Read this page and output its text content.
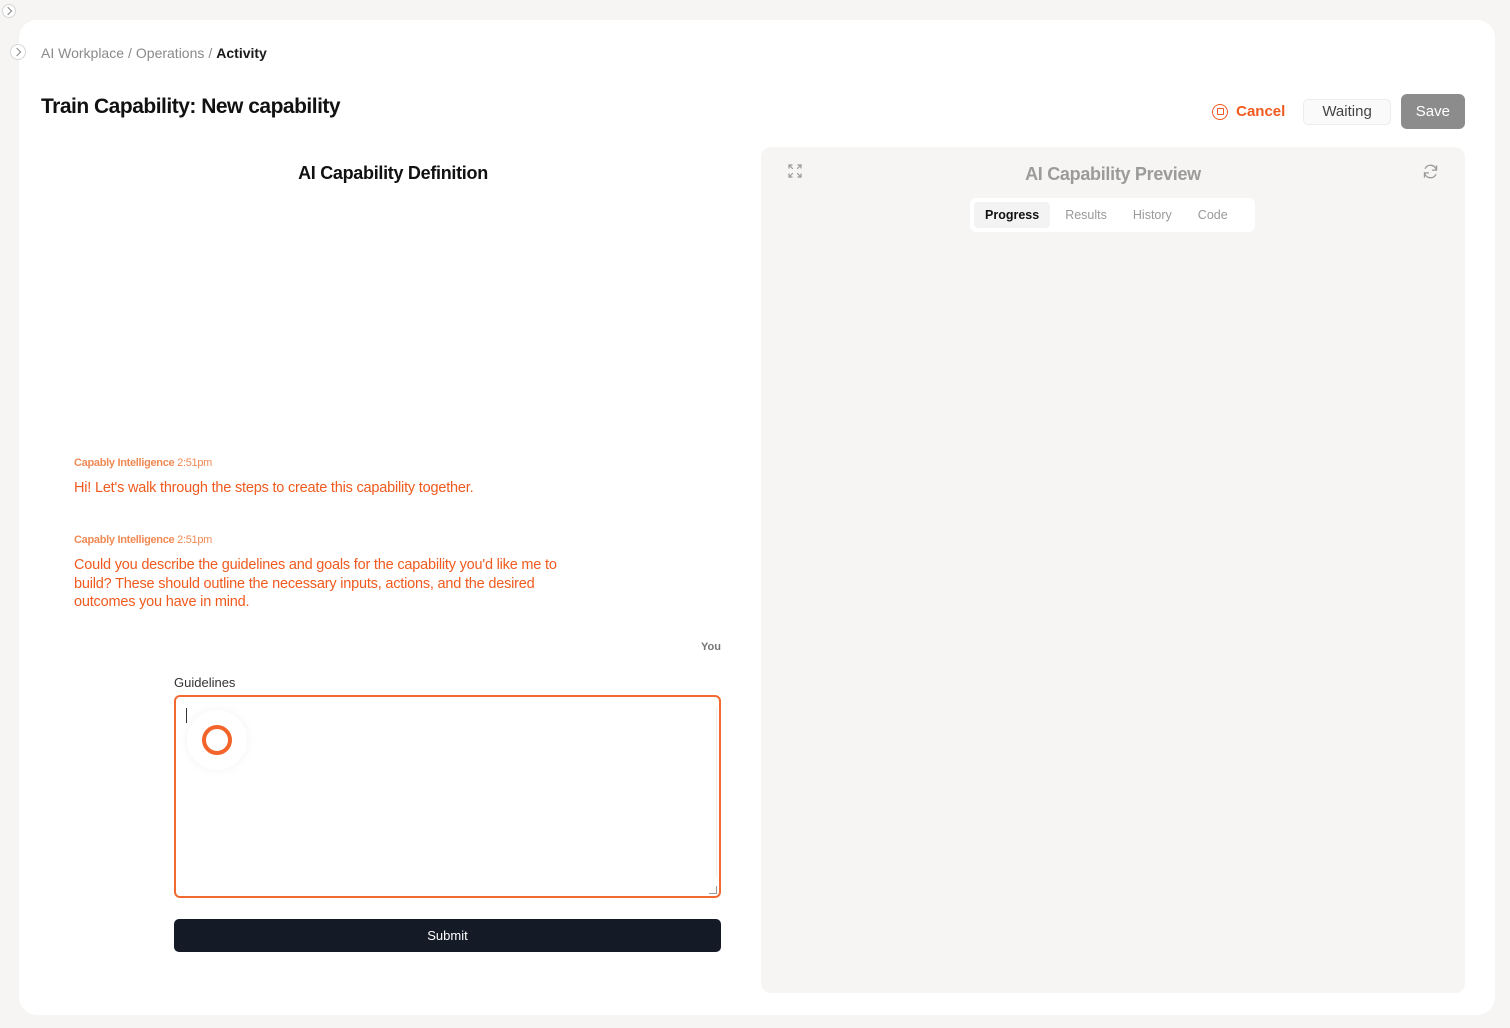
AI Workplace / Operations / Activity
Train Capability: New capability	Cancel	Waiting	Save
AI Capability Definition
Capably Intelligence 2:51pm
Hi! Let's walk through the steps to create this capability together.
Capably Intelligence 2:51pm
Could you describe the guidelines and goals for the capability you'd like me to build? These should outline the necessary inputs, actions, and the desired outcomes you have in mind.
You
Guidelines
Submit
AI Capability Preview
Progress	Results	History	Code
